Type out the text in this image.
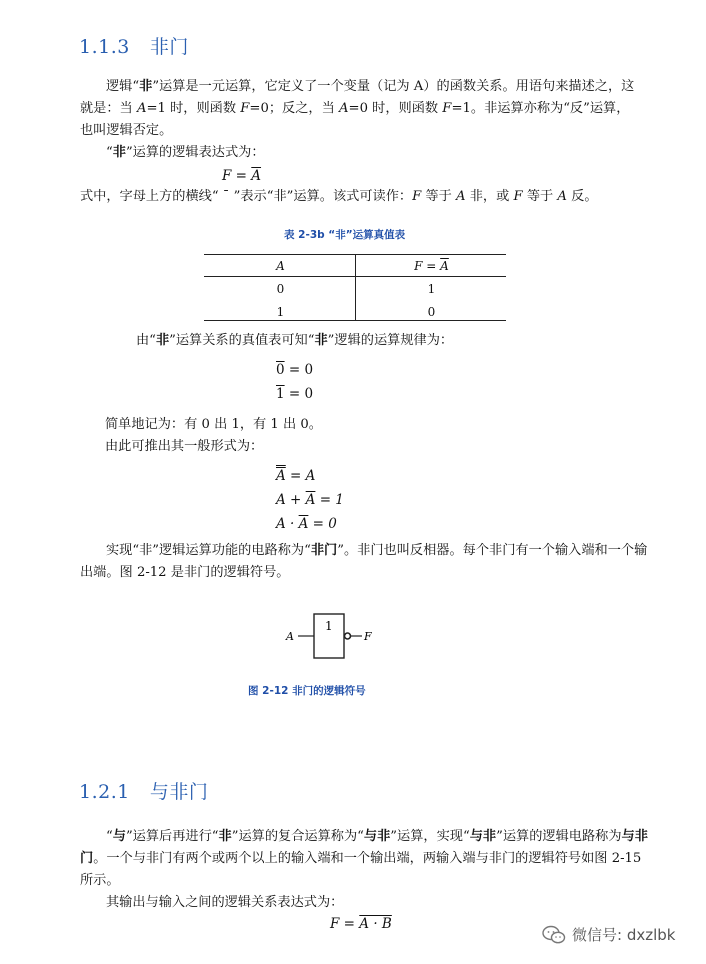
1.1.3 非门

逻辑“非”运算是一元运算，它定义了一个变量（记为 A）的函数关系。用语句来描述之，这就是：当 A=1 时，则函数 F=0；反之，当 A=0 时，则函数 F=1。非运算亦称为“反”运算，也叫逻辑否定。

“非”运算的逻辑表达式为：

$F = \overline{A}$

式中，字母上方的横线“ ¯ ”表示“非”运算。该式可读作：F 等于 A 非，或 F 等于 A 反。

表 2-3b “非”运算真值表
A	$F = \overline{A}$
0	1
1	0

由“非”运算关系的真值表可知“非”逻辑的运算规律为：

0 = 0
1 = 0

简单地记为：有 0 出 1，有 1 出 0。

由此可推出其一般形式为：

A = A
$A + \overline{A} = 1$
$A \cdot \overline{A} = 0$

实现“非”逻辑运算功能的电路称为“非门”。非门也叫反相器。每个非门有一个输入端和一个输出端。图 2-12 是非门的逻辑符号。

1
A	F
图 2-12 非门的逻辑符号
1.2.1 与非门

“与”运算后再进行“非”运算的复合运算称为“与非”运算，实现“与非”运算的逻辑电路称为与非门。一个与非门有两个或两个以上的输入端和一个输出端，两输入端与非门的逻辑符号如图 2-15 所示。

其输出与输入之间的逻辑关系表达式为：

F = A · B
微信号: dxzlbk
